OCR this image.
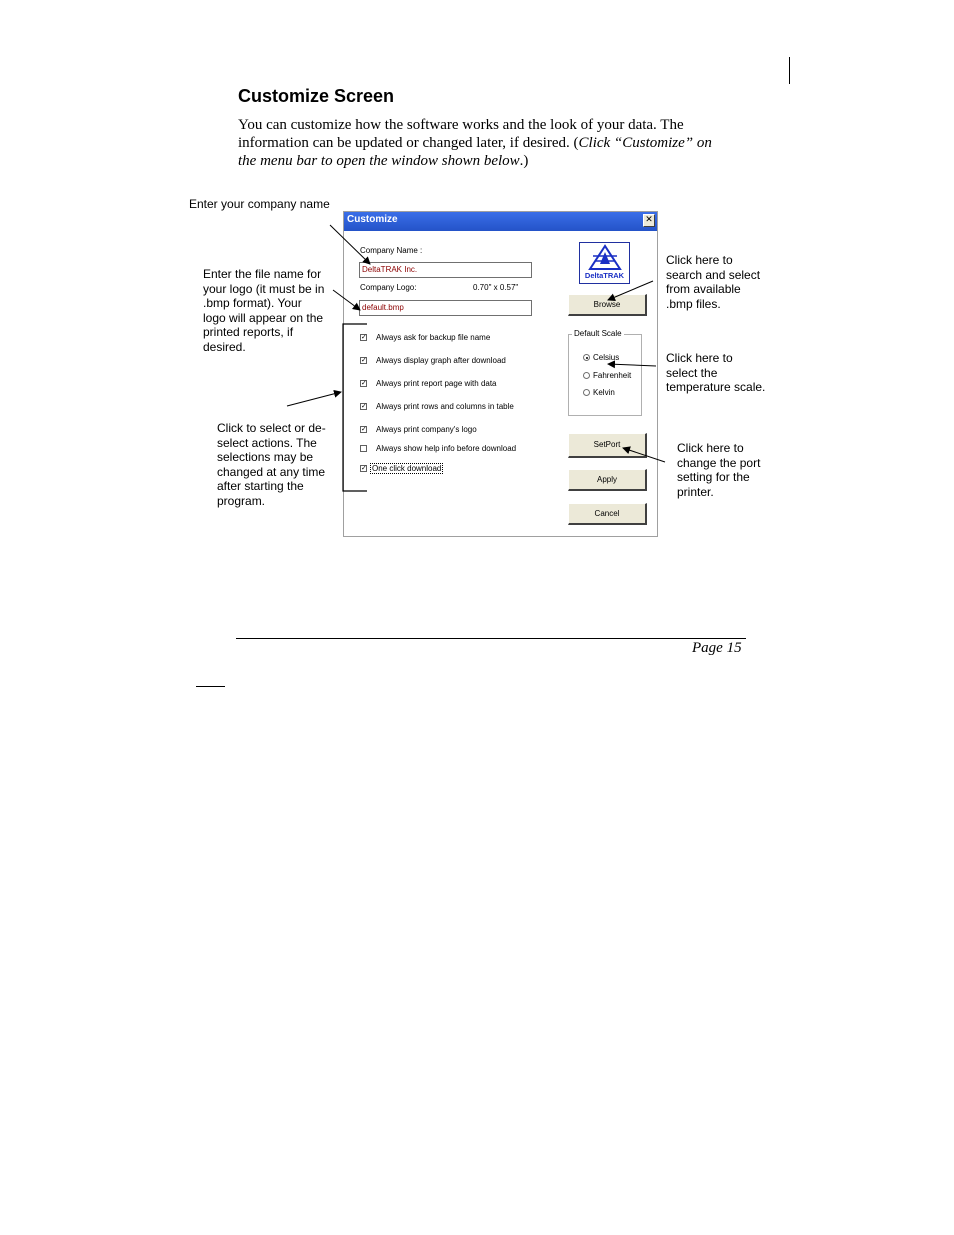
Customize Screen
You can customize how the software works and the look of your data. The
information can be updated or changed later, if desired. (Click “Customize” on
the menu bar to open the window shown below.)
Enter your company name
Enter the file name for
your logo (it must be in
.bmp format). Your
logo will appear on the
printed reports, if
desired.
Click to select or de-
select actions. The
selections may be
changed at any time
after starting the
program.
Click here to
search and select
from available
.bmp files.
Click here to
select the
temperature scale.
Click here to
change the port
setting for the
printer.
Customize	✕
Company Name :
DeltaTRAK Inc.
Company Logo:	0.70" x 0.57"
default.bmp
DeltaTRAK
✓ Always ask for backup file name
✓ Always display graph after download
✓ Always print report page with data
✓ Always print rows and columns in table
✓ Always print company's logo
Always show help info before download
✓ One click download
Browse
SetPort
Apply
Cancel
Default Scale
Celsius
Fahrenheit
Kelvin
Page 15
